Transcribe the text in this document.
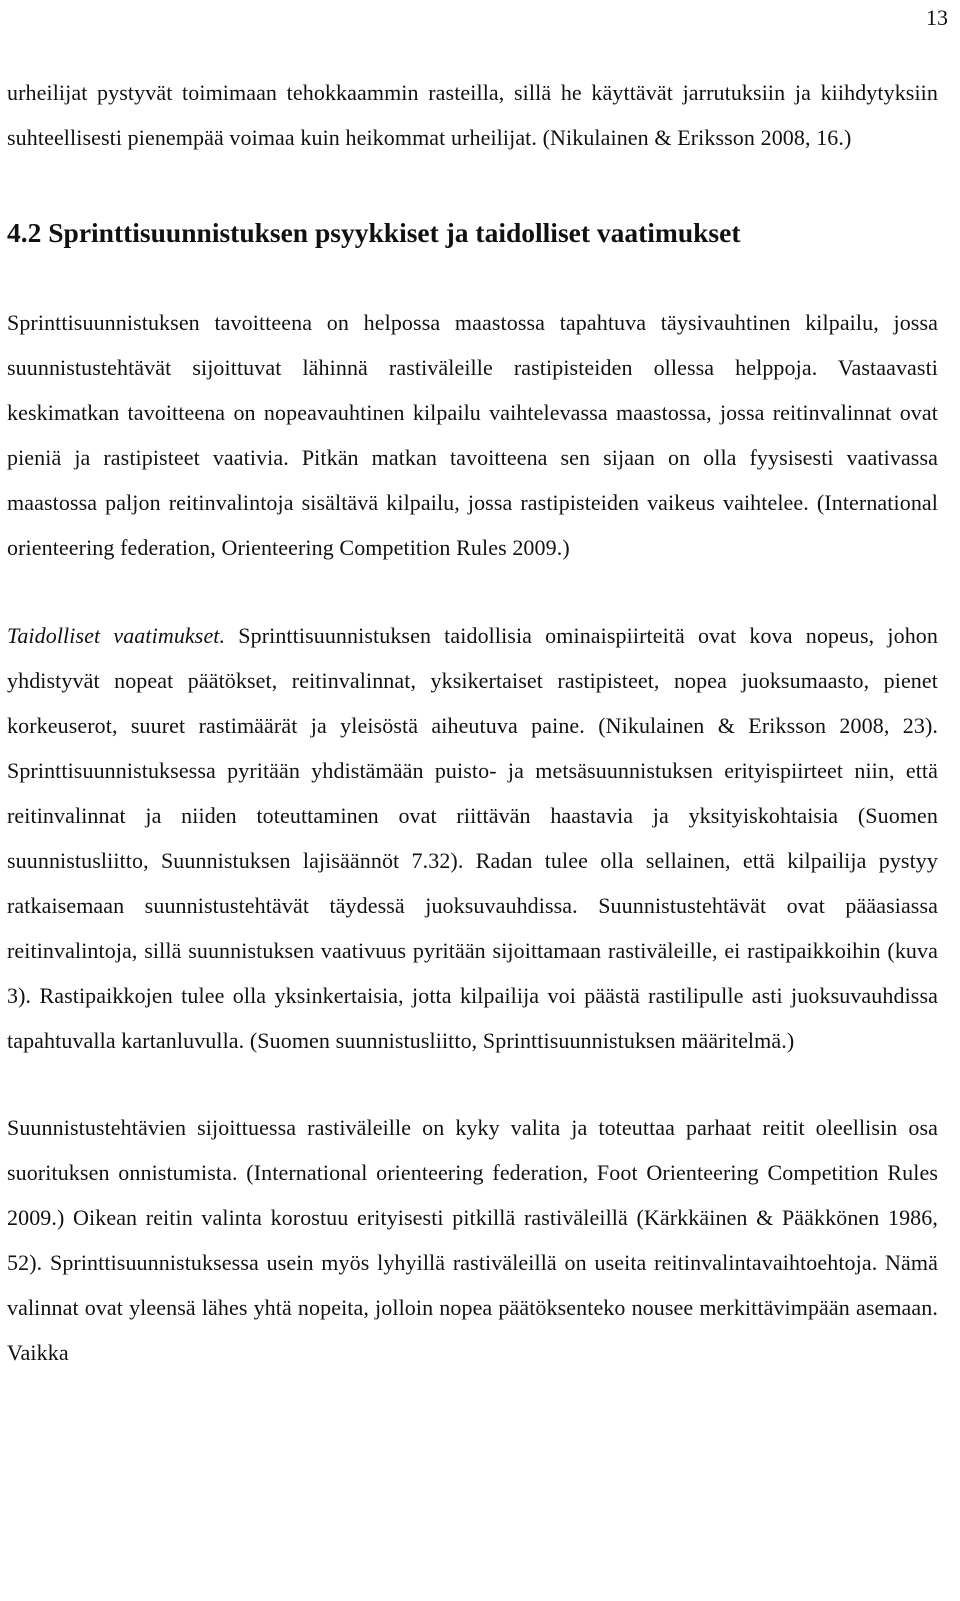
13

urheilijat pystyvät toimimaan tehokkaammin rasteilla, sillä he käyttävät jarrutuksiin ja kiihdytyksiin suhteellisesti pienempää voimaa kuin heikommat urheilijat. (Nikulainen & Eriksson 2008, 16.)

4.2 Sprinttisuunnistuksen psyykkiset ja taidolliset vaatimukset

Sprinttisuunnistuksen tavoitteena on helpossa maastossa tapahtuva täysivauhtinen kilpailu, jossa suunnistustehtävät sijoittuvat lähinnä rastiväleille rastipisteiden ollessa helppoja. Vastaavasti keskimatkan tavoitteena on nopeavauhtinen kilpailu vaihtelevassa maastossa, jossa reitinvalinnat ovat pieniä ja rastipisteet vaativia. Pitkän matkan tavoitteena sen sijaan on olla fyysisesti vaativassa maastossa paljon reitinvalintoja sisältävä kilpailu, jossa rastipisteiden vaikeus vaihtelee. (International orienteering federation, Orienteering Competition Rules 2009.)

Taidolliset vaatimukset. Sprinttisuunnistuksen taidollisia ominaispiirteitä ovat kova nopeus, johon yhdistyvät nopeat päätökset, reitinvalinnat, yksikertaiset rastipisteet, nopea juoksumaasto, pienet korkeuserot, suuret rastimäärät ja yleisöstä aiheutuva paine. (Nikulainen & Eriksson 2008, 23). Sprinttisuunnistuksessa pyritään yhdistämään puisto- ja metsäsuunnistuksen erityispiirteet niin, että reitinvalinnat ja niiden toteuttaminen ovat riittävän haastavia ja yksityiskohtaisia (Suomen suunnistusliitto, Suunnistuksen lajisäännöt 7.32). Radan tulee olla sellainen, että kilpailija pystyy ratkaisemaan suunnistustehtävät täydessä juoksuvauhdissa. Suunnistustehtävät ovat pääasiassa reitinvalintoja, sillä suunnistuksen vaativuus pyritään sijoittamaan rastiväleille, ei rastipaikkoihin (kuva 3). Rastipaikkojen tulee olla yksinkertaisia, jotta kilpailija voi päästä rastilipulle asti juoksuvauhdissa tapahtuvalla kartanluvulla. (Suomen suunnistusliitto, Sprinttisuunnistuksen määritelmä.)

Suunnistustehtävien sijoittuessa rastiväleille on kyky valita ja toteuttaa parhaat reitit oleellisin osa suorituksen onnistumista. (International orienteering federation, Foot Orienteering Competition Rules 2009.) Oikean reitin valinta korostuu erityisesti pitkillä rastiväleillä (Kärkkäinen & Pääkkönen 1986, 52). Sprinttisuunnistuksessa usein myös lyhyillä rastiväleillä on useita reitinvalintavaihtoehtoja. Nämä valinnat ovat yleensä lähes yhtä nopeita, jolloin nopea päätöksenteko nousee merkittävimpään asemaan. Vaikka
